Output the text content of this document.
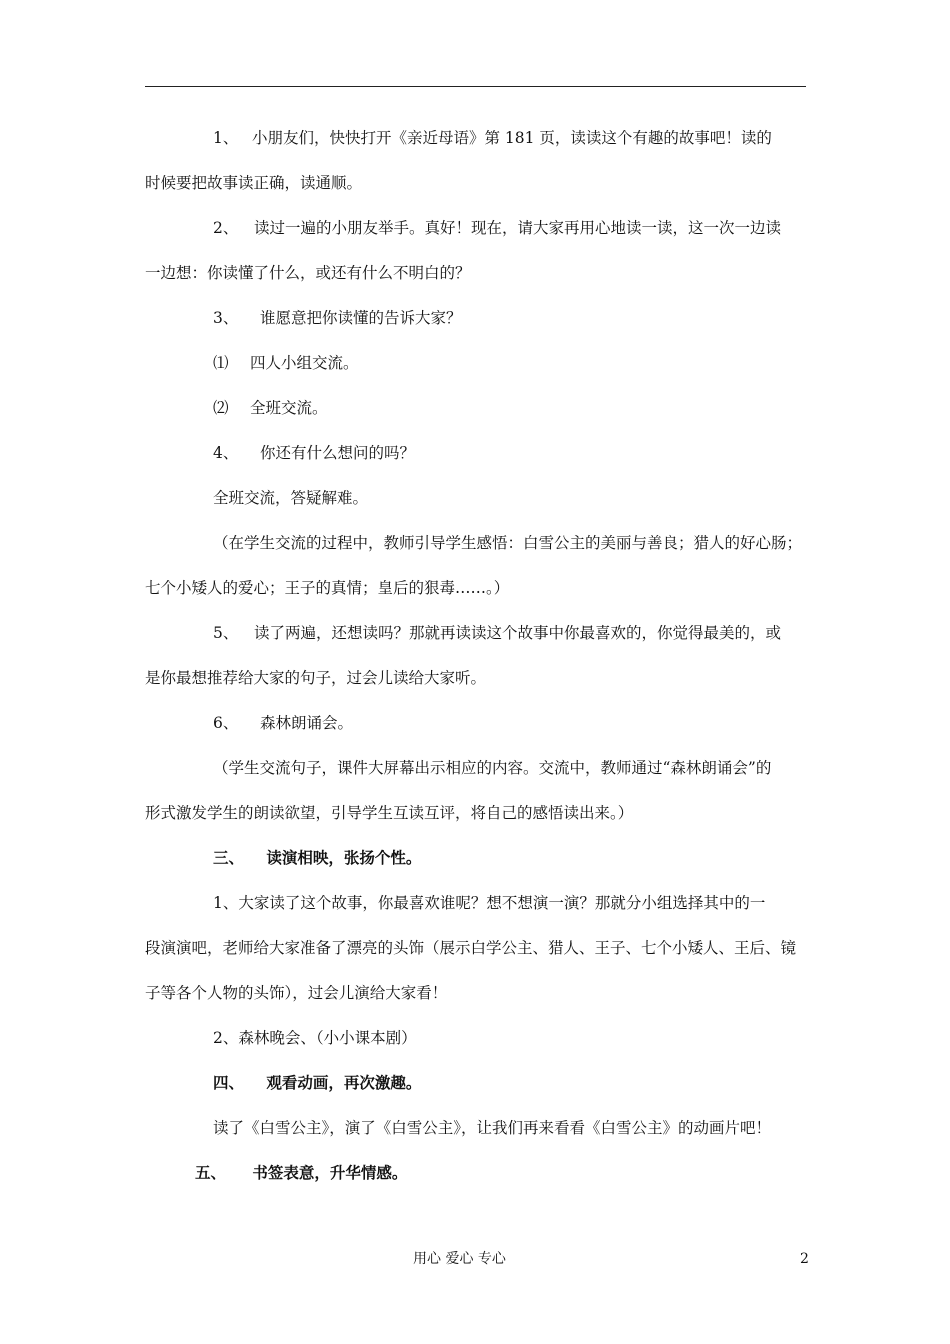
1、 小朋友们，快快打开《亲近母语》第 181 页，读读这个有趣的故事吧！读的
时候要把故事读正确，读通顺。
2、 读过一遍的小朋友举手。真好！现在，请大家再用心地读一读，这一次一边读
一边想：你读懂了什么，或还有什么不明白的？
3、 谁愿意把你读懂的告诉大家？
⑴ 四人小组交流。
⑵ 全班交流。
4、 你还有什么想问的吗？
全班交流，答疑解难。
（在学生交流的过程中，教师引导学生感悟：白雪公主的美丽与善良；猎人的好心肠；
七个小矮人的爱心；王子的真情；皇后的狠毒……。）
5、 读了两遍，还想读吗？那就再读读这个故事中你最喜欢的，你觉得最美的，或
是你最想推荐给大家的句子，过会儿读给大家听。
6、 森林朗诵会。
（学生交流句子，课件大屏幕出示相应的内容。交流中，教师通过“森林朗诵会”的
形式激发学生的朗读欲望，引导学生互读互评，将自己的感悟读出来。）
三、 读演相映，张扬个性。
1、大家读了这个故事，你最喜欢谁呢？想不想演一演？那就分小组选择其中的一
段演演吧，老师给大家准备了漂亮的头饰（展示白学公主、猎人、王子、七个小矮人、王后、镜
子等各个人物的头饰），过会儿演给大家看！
2、森林晚会、（小小课本剧）
四、 观看动画，再次激趣。
读了《白雪公主》，演了《白雪公主》，让我们再来看看《白雪公主》的动画片吧！
五、 书签表意，升华情感。
用心 爱心 专心	2
